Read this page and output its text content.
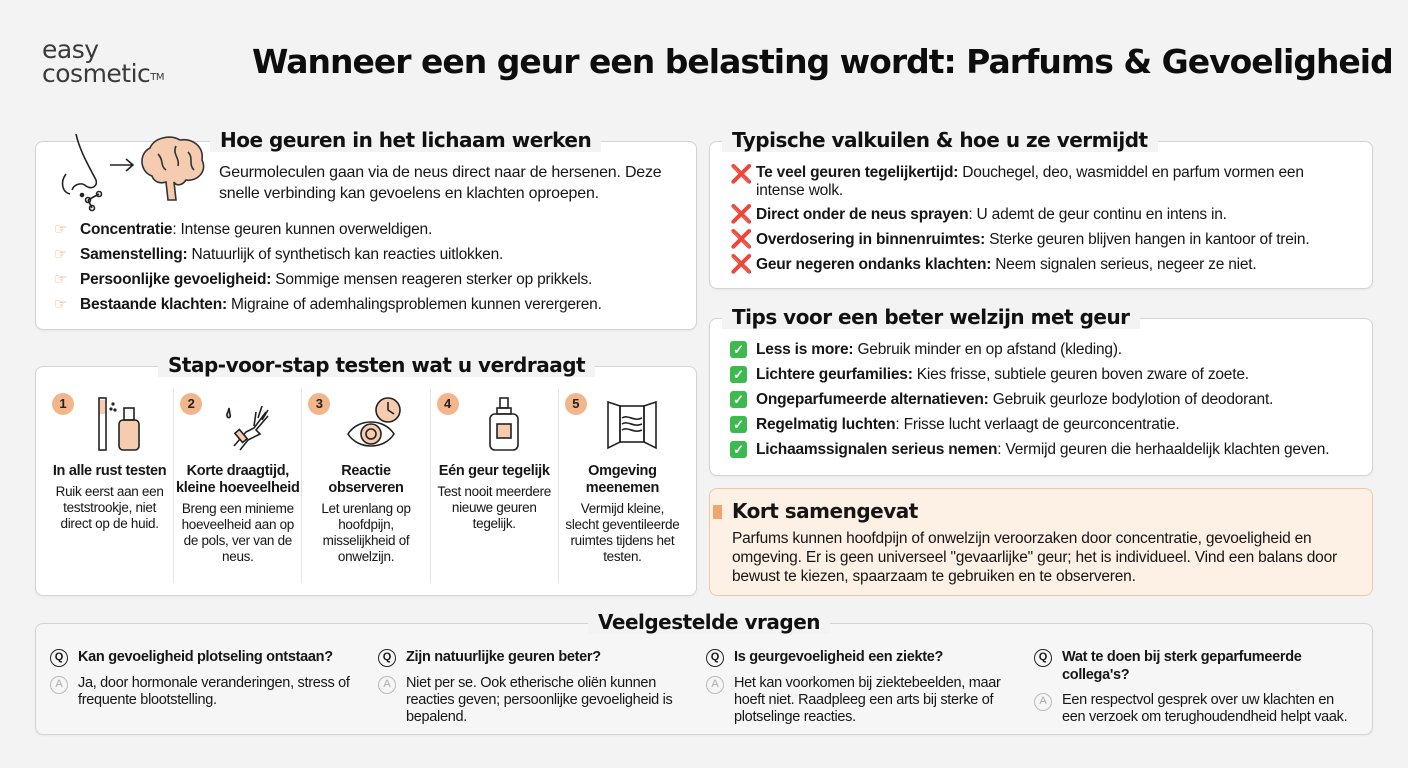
easy
cosmetic™	Wanneer een geur een belasting wordt: Parfums & Gevoeligheid
Hoe geuren in het lichaam werken
Geurmoleculen gaan via de neus direct naar de hersenen. Deze snelle verbinding kan gevoelens en klachten oproepen.
☞ Concentratie: Intense geuren kunnen overweldigen.
☞ Samenstelling: Natuurlijk of synthetisch kan reacties uitlokken.
☞ Persoonlijke gevoeligheid: Sommige mensen reageren sterker op prikkels.
☞ Bestaande klachten: Migraine of ademhalingsproblemen kunnen verergeren.
Stap-voor-stap testen wat u verdraagt
1
In alle rust testen
Ruik eerst aan een teststrookje, niet direct op de huid.
2
Korte draagtijd, kleine hoeveelheid
Breng een minieme hoeveelheid aan op de pols, ver van de neus.
3
Reactie observeren
Let urenlang op hoofdpijn, misselijkheid of onwelzijn.
4
Eén geur tegelijk
Test nooit meerdere nieuwe geuren tegelijk.
5
Omgeving meenemen
Vermijd kleine, slecht geventileerde ruimtes tijdens het testen.
Typische valkuilen & hoe u ze vermijdt
❌ Te veel geuren tegelijkertijd: Douchegel, deo, wasmiddel en parfum vormen een intense wolk.
❌ Direct onder de neus sprayen: U ademt de geur continu en intens in.
❌ Overdosering in binnenruimtes: Sterke geuren blijven hangen in kantoor of trein.
❌ Geur negeren ondanks klachten: Neem signalen serieus, negeer ze niet.
Tips voor een beter welzijn met geur
✓ Less is more: Gebruik minder en op afstand (kleding).
✓ Lichtere geurfamilies: Kies frisse, subtiele geuren boven zware of zoete.
✓ Ongeparfumeerde alternatieven: Gebruik geurloze bodylotion of deodorant.
✓ Regelmatig luchten: Frisse lucht verlaagt de geurconcentratie.
✓ Lichaamssignalen serieus nemen: Vermijd geuren die herhaaldelijk klachten geven.
Kort samengevat
Parfums kunnen hoofdpijn of onwelzijn veroorzaken door concentratie, gevoeligheid en omgeving. Er is geen universeel "gevaarlijke" geur; het is individueel. Vind een balans door bewust te kiezen, spaarzaam te gebruiken en te observeren.
Veelgestelde vragen
Q	Kan gevoeligheid plotseling ontstaan?
A	Ja, door hormonale veranderingen, stress of frequente blootstelling.
Q	Zijn natuurlijke geuren beter?
A	Niet per se. Ook etherische oliën kunnen reacties geven; persoonlijke gevoeligheid is bepalend.
Q	Is geurgevoeligheid een ziekte?
A	Het kan voorkomen bij ziektebeelden, maar hoeft niet. Raadpleeg een arts bij sterke of plotselinge reacties.
Q	Wat te doen bij sterk geparfumeerde collega's?
A	Een respectvol gesprek over uw klachten en een verzoek om terughoudendheid helpt vaak.
